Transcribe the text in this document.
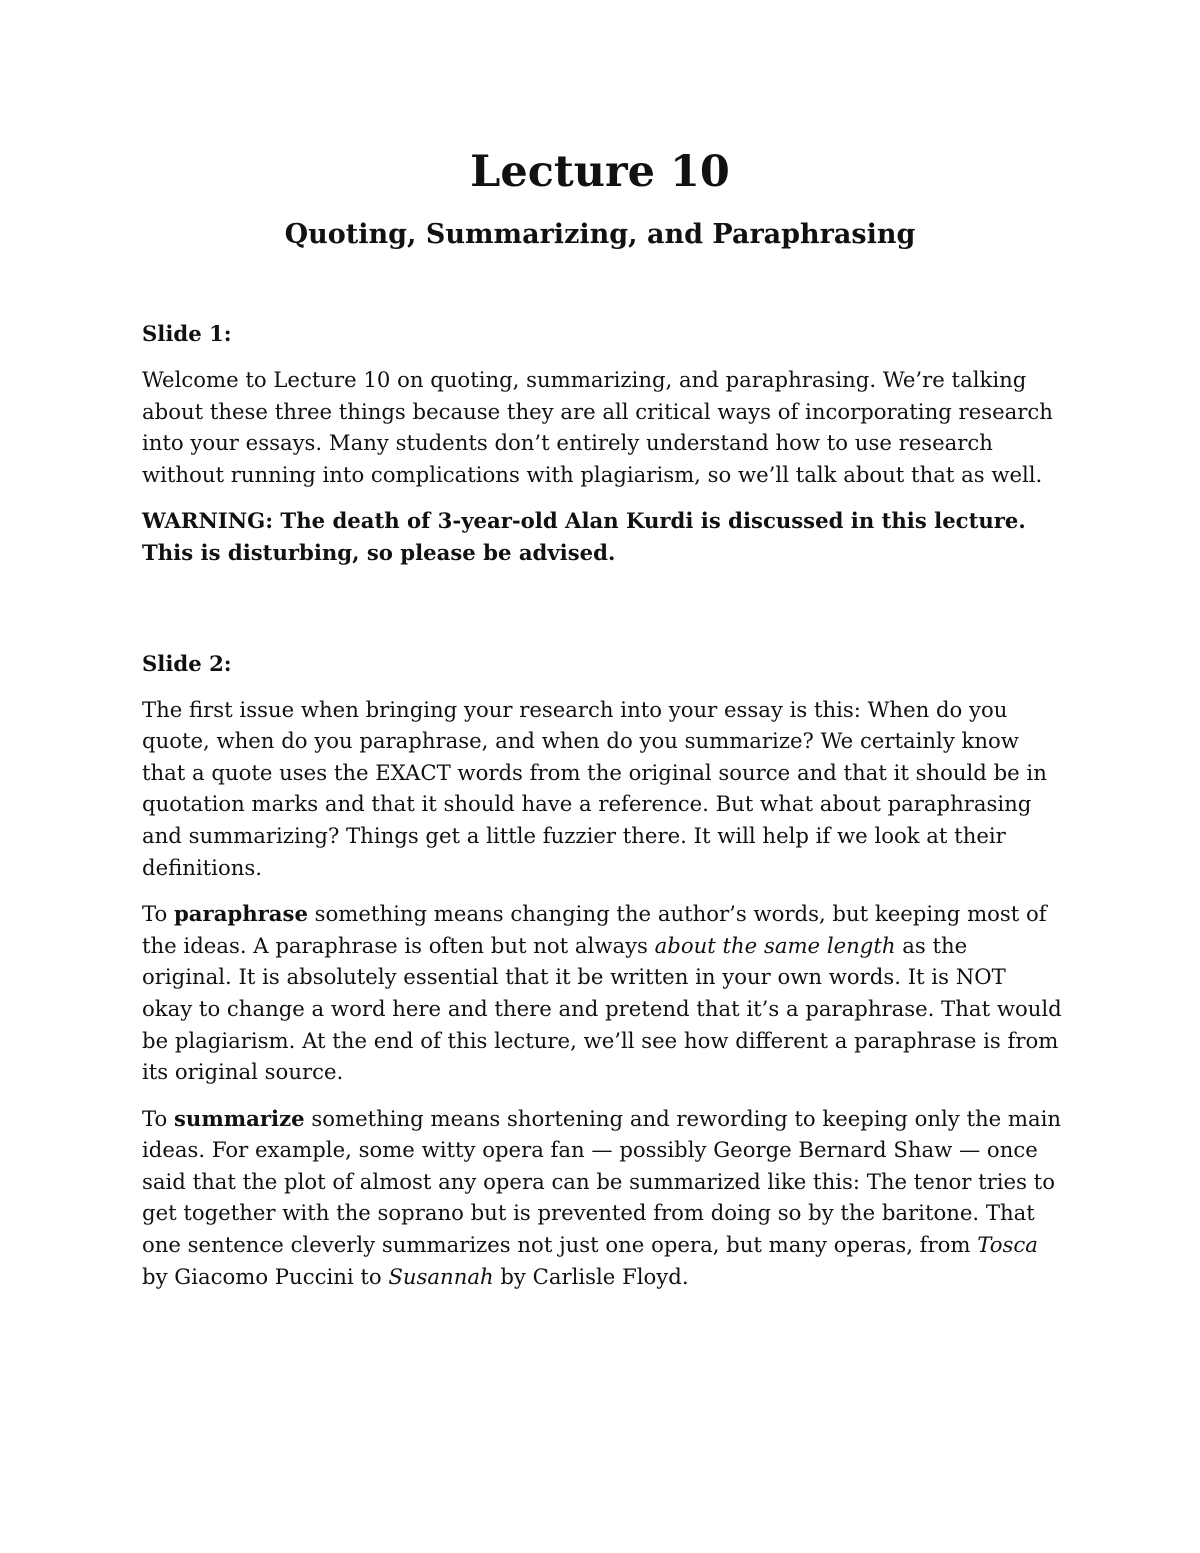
Lecture 10
Quoting, Summarizing, and Paraphrasing
Slide 1:

Welcome to Lecture 10 on quoting, summarizing, and paraphrasing. We’re talking about these three things because they are all critical ways of incorporating research into your essays. Many students don’t entirely understand how to use research without running into complications with plagiarism, so we’ll talk about that as well.

WARNING: The death of 3-year-old Alan Kurdi is discussed in this lecture. This is disturbing, so please be advised.

Slide 2:

The first issue when bringing your research into your essay is this: When do you quote, when do you paraphrase, and when do you summarize? We certainly know that a quote uses the EXACT words from the original source and that it should be in quotation marks and that it should have a reference. But what about paraphrasing and summarizing? Things get a little fuzzier there. It will help if we look at their definitions.

To paraphrase something means changing the author’s words, but keeping most of the ideas. A paraphrase is often but not always about the same length as the original. It is absolutely essential that it be written in your own words. It is NOT okay to change a word here and there and pretend that it’s a paraphrase. That would be plagiarism. At the end of this lecture, we’ll see how different a paraphrase is from its original source.

To summarize something means shortening and rewording to keeping only the main ideas. For example, some witty opera fan — possibly George Bernard Shaw — once said that the plot of almost any opera can be summarized like this: The tenor tries to get together with the soprano but is prevented from doing so by the baritone. That one sentence cleverly summarizes not just one opera, but many operas, from Tosca by Giacomo Puccini to Susannah by Carlisle Floyd.
